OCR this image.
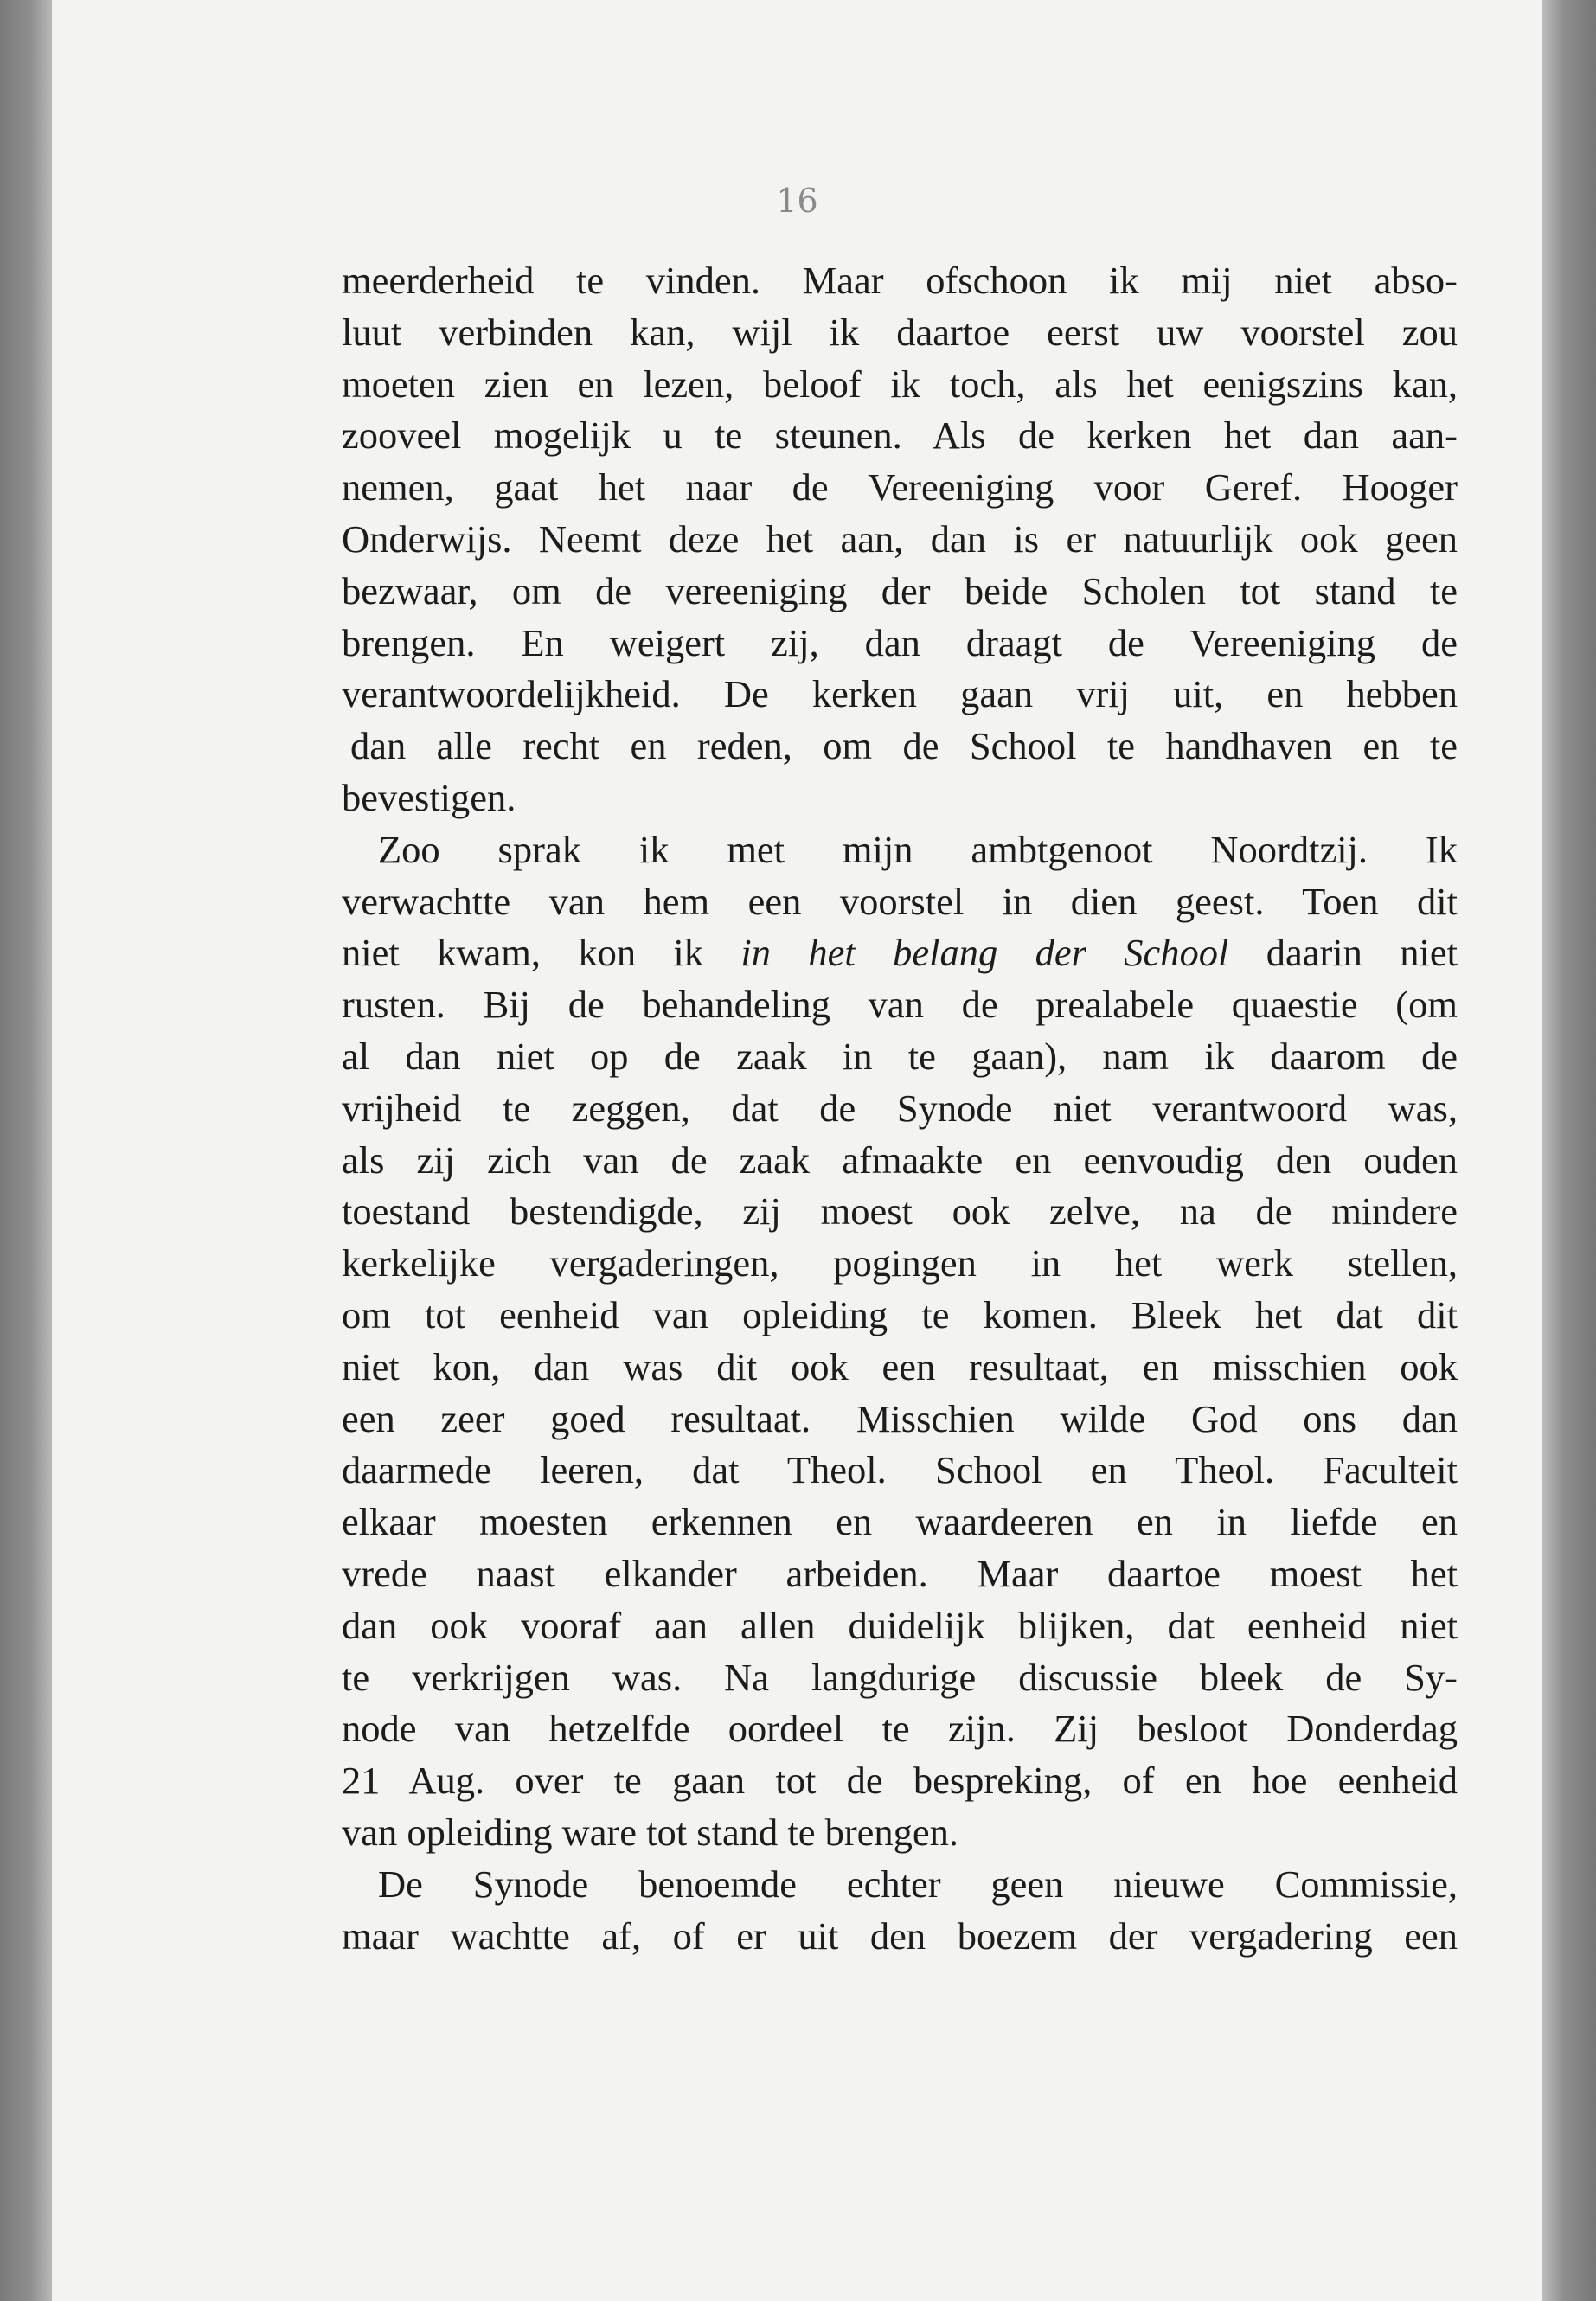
16

meerderheid te vinden. Maar ofschoon ik mij niet abso-
luut verbinden kan, wijl ik daartoe eerst uw voorstel zou
moeten zien en lezen, beloof ik toch, als het eenigszins kan,
zooveel mogelijk u te steunen. Als de kerken het dan aan-
nemen, gaat het naar de Vereeniging voor Geref. Hooger
Onderwijs. Neemt deze het aan, dan is er natuurlijk ook geen
bezwaar, om de vereeniging der beide Scholen tot stand te
brengen. En weigert zij, dan draagt de Vereeniging de
verantwoordelijkheid. De kerken gaan vrij uit, en hebben
dan alle recht en reden, om de School te handhaven en te
bevestigen.
Zoo sprak ik met mijn ambtgenoot Noordtzij. Ik
verwachtte van hem een voorstel in dien geest. Toen dit
niet kwam, kon ik in het belang der School daarin niet
rusten. Bij de behandeling van de prealabele quaestie (om
al dan niet op de zaak in te gaan), nam ik daarom de
vrijheid te zeggen, dat de Synode niet verantwoord was,
als zij zich van de zaak afmaakte en eenvoudig den ouden
toestand bestendigde, zij moest ook zelve, na de mindere
kerkelijke vergaderingen, pogingen in het werk stellen,
om tot eenheid van opleiding te komen. Bleek het dat dit
niet kon, dan was dit ook een resultaat, en misschien ook
een zeer goed resultaat. Misschien wilde God ons dan
daarmede leeren, dat Theol. School en Theol. Faculteit
elkaar moesten erkennen en waardeeren en in liefde en
vrede naast elkander arbeiden. Maar daartoe moest het
dan ook vooraf aan allen duidelijk blijken, dat eenheid niet
te verkrijgen was. Na langdurige discussie bleek de Sy-
node van hetzelfde oordeel te zijn. Zij besloot Donderdag
21 Aug. over te gaan tot de bespreking, of en hoe eenheid
van opleiding ware tot stand te brengen.
De Synode benoemde echter geen nieuwe Commissie,
maar wachtte af, of er uit den boezem der vergadering een
